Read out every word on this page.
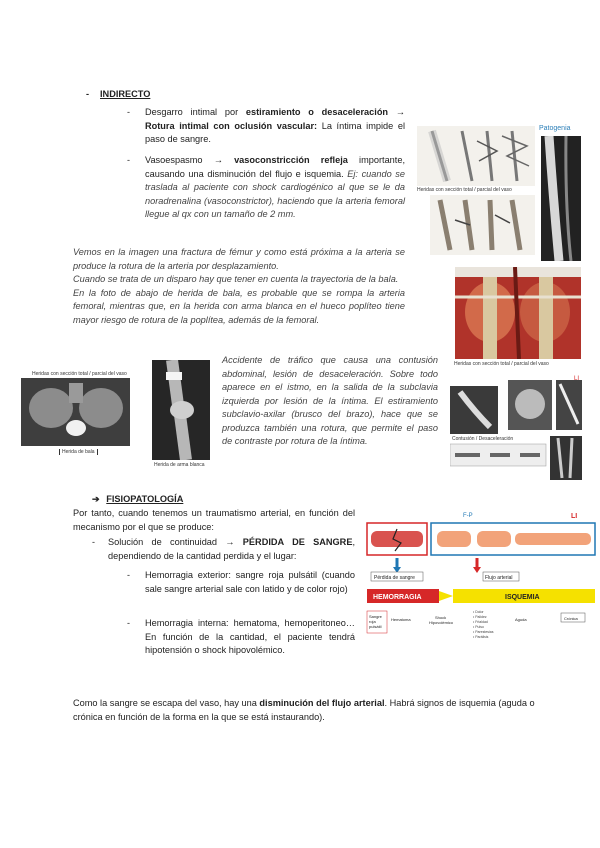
- INDIRECTO
- Desgarro intimal por estiramiento o desaceleración → Rotura intimal con oclusión vascular: La íntima impide el paso de sangre.
- Vasoespasmo → vasoconstricción refleja importante, causando una disminución del flujo e isquemia. Ej: cuando se traslada al paciente con shock cardiogénico al que se le da noradrenalina (vasoconstrictor), haciendo que la arteria femoral llegue al qx con un tamaño de 2 mm.
Vemos en la imagen una fractura de fémur y como está próxima a la arteria se produce la rotura de la arteria por desplazamiento.
Cuando se trata de un disparo hay que tener en cuenta la trayectoria de la bala.
En la foto de abajo de herida de bala, es probable que se rompa la arteria femoral, mientras que, en la herida con arma blanca en el hueco poplíteo tiene mayor riesgo de rotura de la poplítea, además de la femoral.
Accidente de tráfico que causa una contusión abdominal, lesión de desaceleración. Sobre todo aparece en el istmo, en la salida de la subclavia izquierda por lesión de la íntima. El estiramiento subclavio-axilar (brusco del brazo), hace que se produzca también una rotura, que permite el paso de contraste por rotura de la íntima.
Heridas con sección total / parcial del vaso
Patogenia
Heridas con sección total / parcial del vaso
LI
Contusión / Desaceleración
Heridas con sección total / parcial del vaso
Herida de bala
Herida de arma blanca
➔ FISIOPATOLOGÍA
Por tanto, cuando tenemos un traumatismo arterial, en función del mecanismo por el que se produce:
- Solución de continuidad → PÉRDIDA DE SANGRE, dependiendo de la cantidad perdida y el lugar:
- Hemorragia exterior: sangre roja pulsátil (cuando sale sangre arterial sale con latido y de color rojo)
- Hemorragia interna: hematoma, hemoperitoneo… En función de la cantidad, el paciente tendrá hipotensión o shock hipovolémico.
F-P	LI
Pérdida de sangre	Flujo arterial
HEMORRAGIA	ISQUEMIA
Sangre
roja
pulsátil
Hematoma	Shock
Hipovolémico
Aguda	Crónica
• Dolor
• Palidez
• Frialdad
• Pulso
• Parestesias
• Parálisis
Como la sangre se escapa del vaso, hay una disminución del flujo arterial. Habrá signos de isquemia (aguda o crónica en función de la forma en la que se está instaurando).
